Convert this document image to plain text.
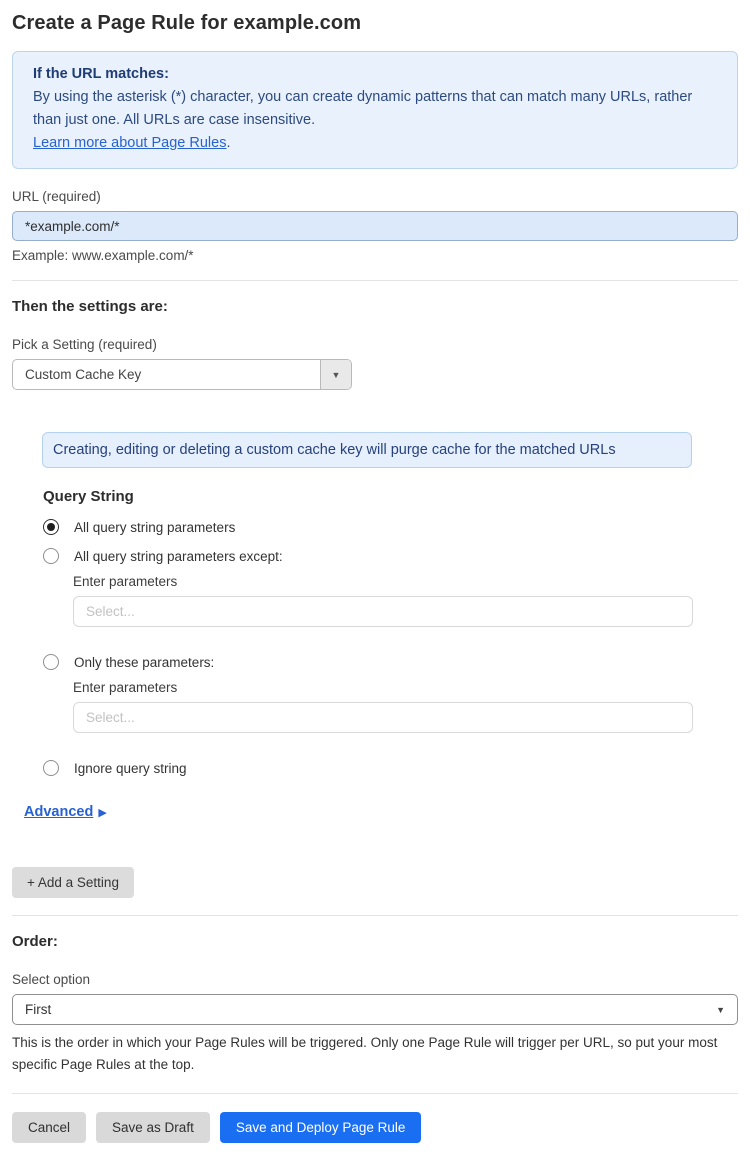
Create a Page Rule for example.com
If the URL matches:
By using the asterisk (*) character, you can create dynamic patterns that can match many URLs, rather than just one. All URLs are case insensitive.
Learn more about Page Rules.
URL (required)
*example.com/*
Example: www.example.com/*
Then the settings are:
Pick a Setting (required)
Custom Cache Key	▼
Creating, editing or deleting a custom cache key will purge cache for the matched URLs
Query String
All query string parameters
All query string parameters except:
Enter parameters
Select...
Only these parameters:
Enter parameters
Select...
Ignore query string
Advanced ▶
+ Add a Setting
Order:
Select option
First	▼
This is the order in which your Page Rules will be triggered. Only one Page Rule will trigger per URL, so put your most specific Page Rules at the top.
Cancel	Save as Draft	Save and Deploy Page Rule
